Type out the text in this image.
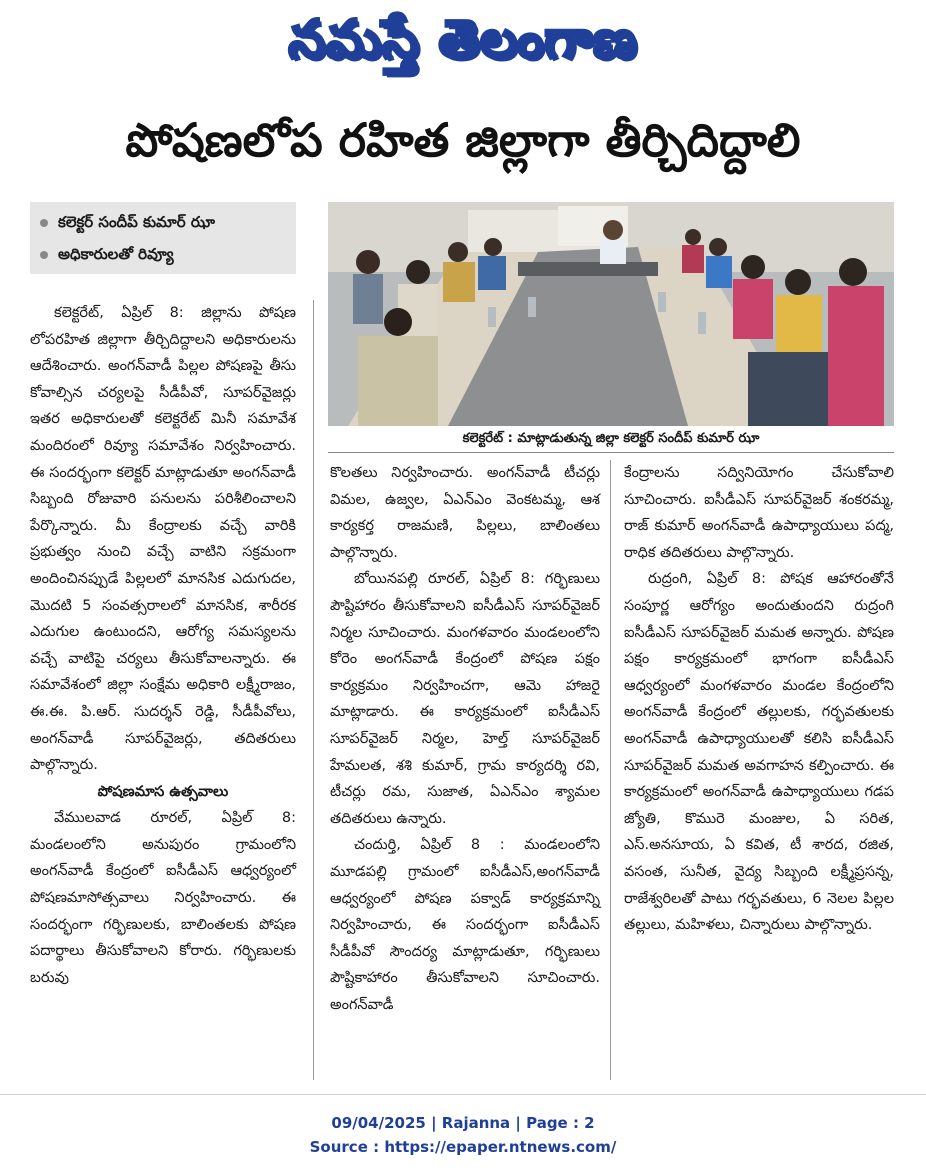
నమస్తే తెలంగాణ
పోషణలోప రహిత జిల్లాగా తీర్చిదిద్దాలి
కలెక్టర్ సందీప్ కుమార్ ఝా
అధికారులతో రివ్యూ
కలెక్టరేట్ : మాట్లాడుతున్న జిల్లా కలెక్టర్ సందీప్ కుమార్ ఝా

కలెక్టరేట్, ఏప్రిల్ 8: జిల్లాను పోషణ లోపరహిత జిల్లాగా తీర్చిదిద్దాలని అధికారులను ఆదేశించారు. అంగన్‌వాడీ పిల్లల పోషణపై తీసు కోవాల్సిన చర్యలపై సీడీపీవో, సూపర్‌వైజర్లు ఇతర అధికారులతో కలెక్టరేట్ మినీ సమావేశ మందిరంలో రివ్యూ సమావేశం నిర్వహించారు. ఈ సందర్భంగా కలెక్టర్ మాట్లాడుతూ అంగన్‌వాడీ సిబ్బంది రోజువారి పనులను పరిశీలించాలని పేర్కొన్నారు. మీ కేంద్రాలకు వచ్చే వారికి ప్రభుత్వం నుంచి వచ్చే వాటిని సక్రమంగా అందించినప్పుడే పిల్లలలో మానసిక ఎదుగుదల, మొదటి 5 సంవత్సరాలలో మానసిక, శారీరక ఎదుగుల ఉంటుందని, ఆరోగ్య సమస్యలను వచ్చే వాటిపై చర్యలు తీసుకోవాలన్నారు. ఈ సమావేశంలో జిల్లా సంక్షేమ అధికారి లక్ష్మీరాజం, ఈ.ఈ. పి.ఆర్. సుదర్శన్ రెడ్డి, సీడీపీవోలు, అంగన్‌వాడీ సూపర్‌వైజర్లు, తదితరులు పాల్గొన్నారు.

పోషణమాస ఉత్సవాలు

వేములవాడ రూరల్, ఏప్రిల్ 8: మండలంలోని అనుపురం గ్రామంలోని అంగన్‌వాడీ కేంద్రంలో ఐసీడీఎస్ ఆధ్వర్యంలో పోషణమాసోత్సవాలు నిర్వహించారు. ఈ సందర్భంగా గర్భిణులకు, బాలింతలకు పోషణ పదార్థాలు తీసుకోవాలని కోరారు. గర్భిణులకు బరువు

కొలతలు నిర్వహించారు. అంగన్‌వాడీ టీచర్లు విమల, ఉజ్వల, ఏఎన్‌ఎం వెంకటమ్మ, ఆశ కార్యకర్త రాజమణి, పిల్లలు, బాలింతలు పాల్గొన్నారు.

బోయినపల్లి రూరల్, ఏప్రిల్ 8: గర్భిణులు పౌష్టిహారం తీసుకోవాలని ఐసీడీఎస్ సూపర్‌వైజర్ నిర్మల సూచించారు. మంగళవారం మండలంలోని కోరెం అంగన్‌వాడీ కేంద్రంలో పోషణ పక్షం కార్యక్రమం నిర్వహించగా, ఆమె హాజరై మాట్లాడారు. ఈ కార్యక్రమంలో ఐసీడీఎస్ సూపర్‌వైజర్ నిర్మల, హెల్త్ సూపర్‌వైజర్ హేమలత, శశి కుమార్, గ్రామ కార్యదర్శి రవి, టీచర్లు రమ, సుజాత, ఏఎన్‌ఎం శ్యామల తదితరులు ఉన్నారు.

చందుర్తి, ఏప్రిల్ 8 : మండలంలోని మూడపల్లి గ్రామంలో ఐసీడీఎస్,అంగన్‌వాడీ ఆధ్వర్యంలో పోషణ పక్వాడ్ కార్యక్రమాన్ని నిర్వహించారు, ఈ సందర్భంగా ఐసీడీఎస్ సీడీపీవో సౌందర్య మాట్లాడుతూ, గర్భిణులు పౌష్టికాహారం తీసుకోవాలని సూచించారు. అంగన్‌వాడీ

కేంద్రాలను సద్వినియోగం చేసుకోవాలి సూచించారు. ఐసీడీఎస్ సూపర్‌వైజర్ శంకరమ్మ, రాజ్ కుమార్ అంగన్‌వాడీ ఉపాధ్యాయులు పద్మ, రాధిక తదితరులు పాల్గొన్నారు.

రుద్రంగి, ఏప్రిల్ 8: పోషక ఆహారంతోనే సంపూర్ణ ఆరోగ్యం అందుతుందని రుద్రంగి ఐసీడీఎస్ సూపర్‌వైజర్ మమత అన్నారు. పోషణ పక్షం కార్యక్రమంలో భాగంగా ఐసీడీఎస్ ఆధ్వర్యంలో మంగళవారం మండల కేంద్రంలోని అంగన్‌వాడీ కేంద్రంలో తల్లులకు, గర్భవతులకు అంగన్‌వాడీ ఉపాధ్యాయులతో కలిసి ఐసీడీఎస్ సూపర్‌వైజర్ మమత అవగాహన కల్పించారు. ఈ కార్యక్రమంలో అంగన్‌వాడీ ఉపాధ్యాయులు గడప జ్యోతి, కొమురె మంజుల, ఏ సరిత, ఎస్.అనసూయ, ఏ కవిత, టీ శారద, రజిత, వసంత, సునీత, వైద్య సిబ్బంది లక్ష్మీప్రసన్న, రాజేశ్వరిలతో పాటు గర్భవతులు, 6 నెలల పిల్లల తల్లులు, మహిళలు, చిన్నారులు పాల్గొన్నారు.

09/04/2025 | Rajanna | Page : 2
Source : https://epaper.ntnews.com/
